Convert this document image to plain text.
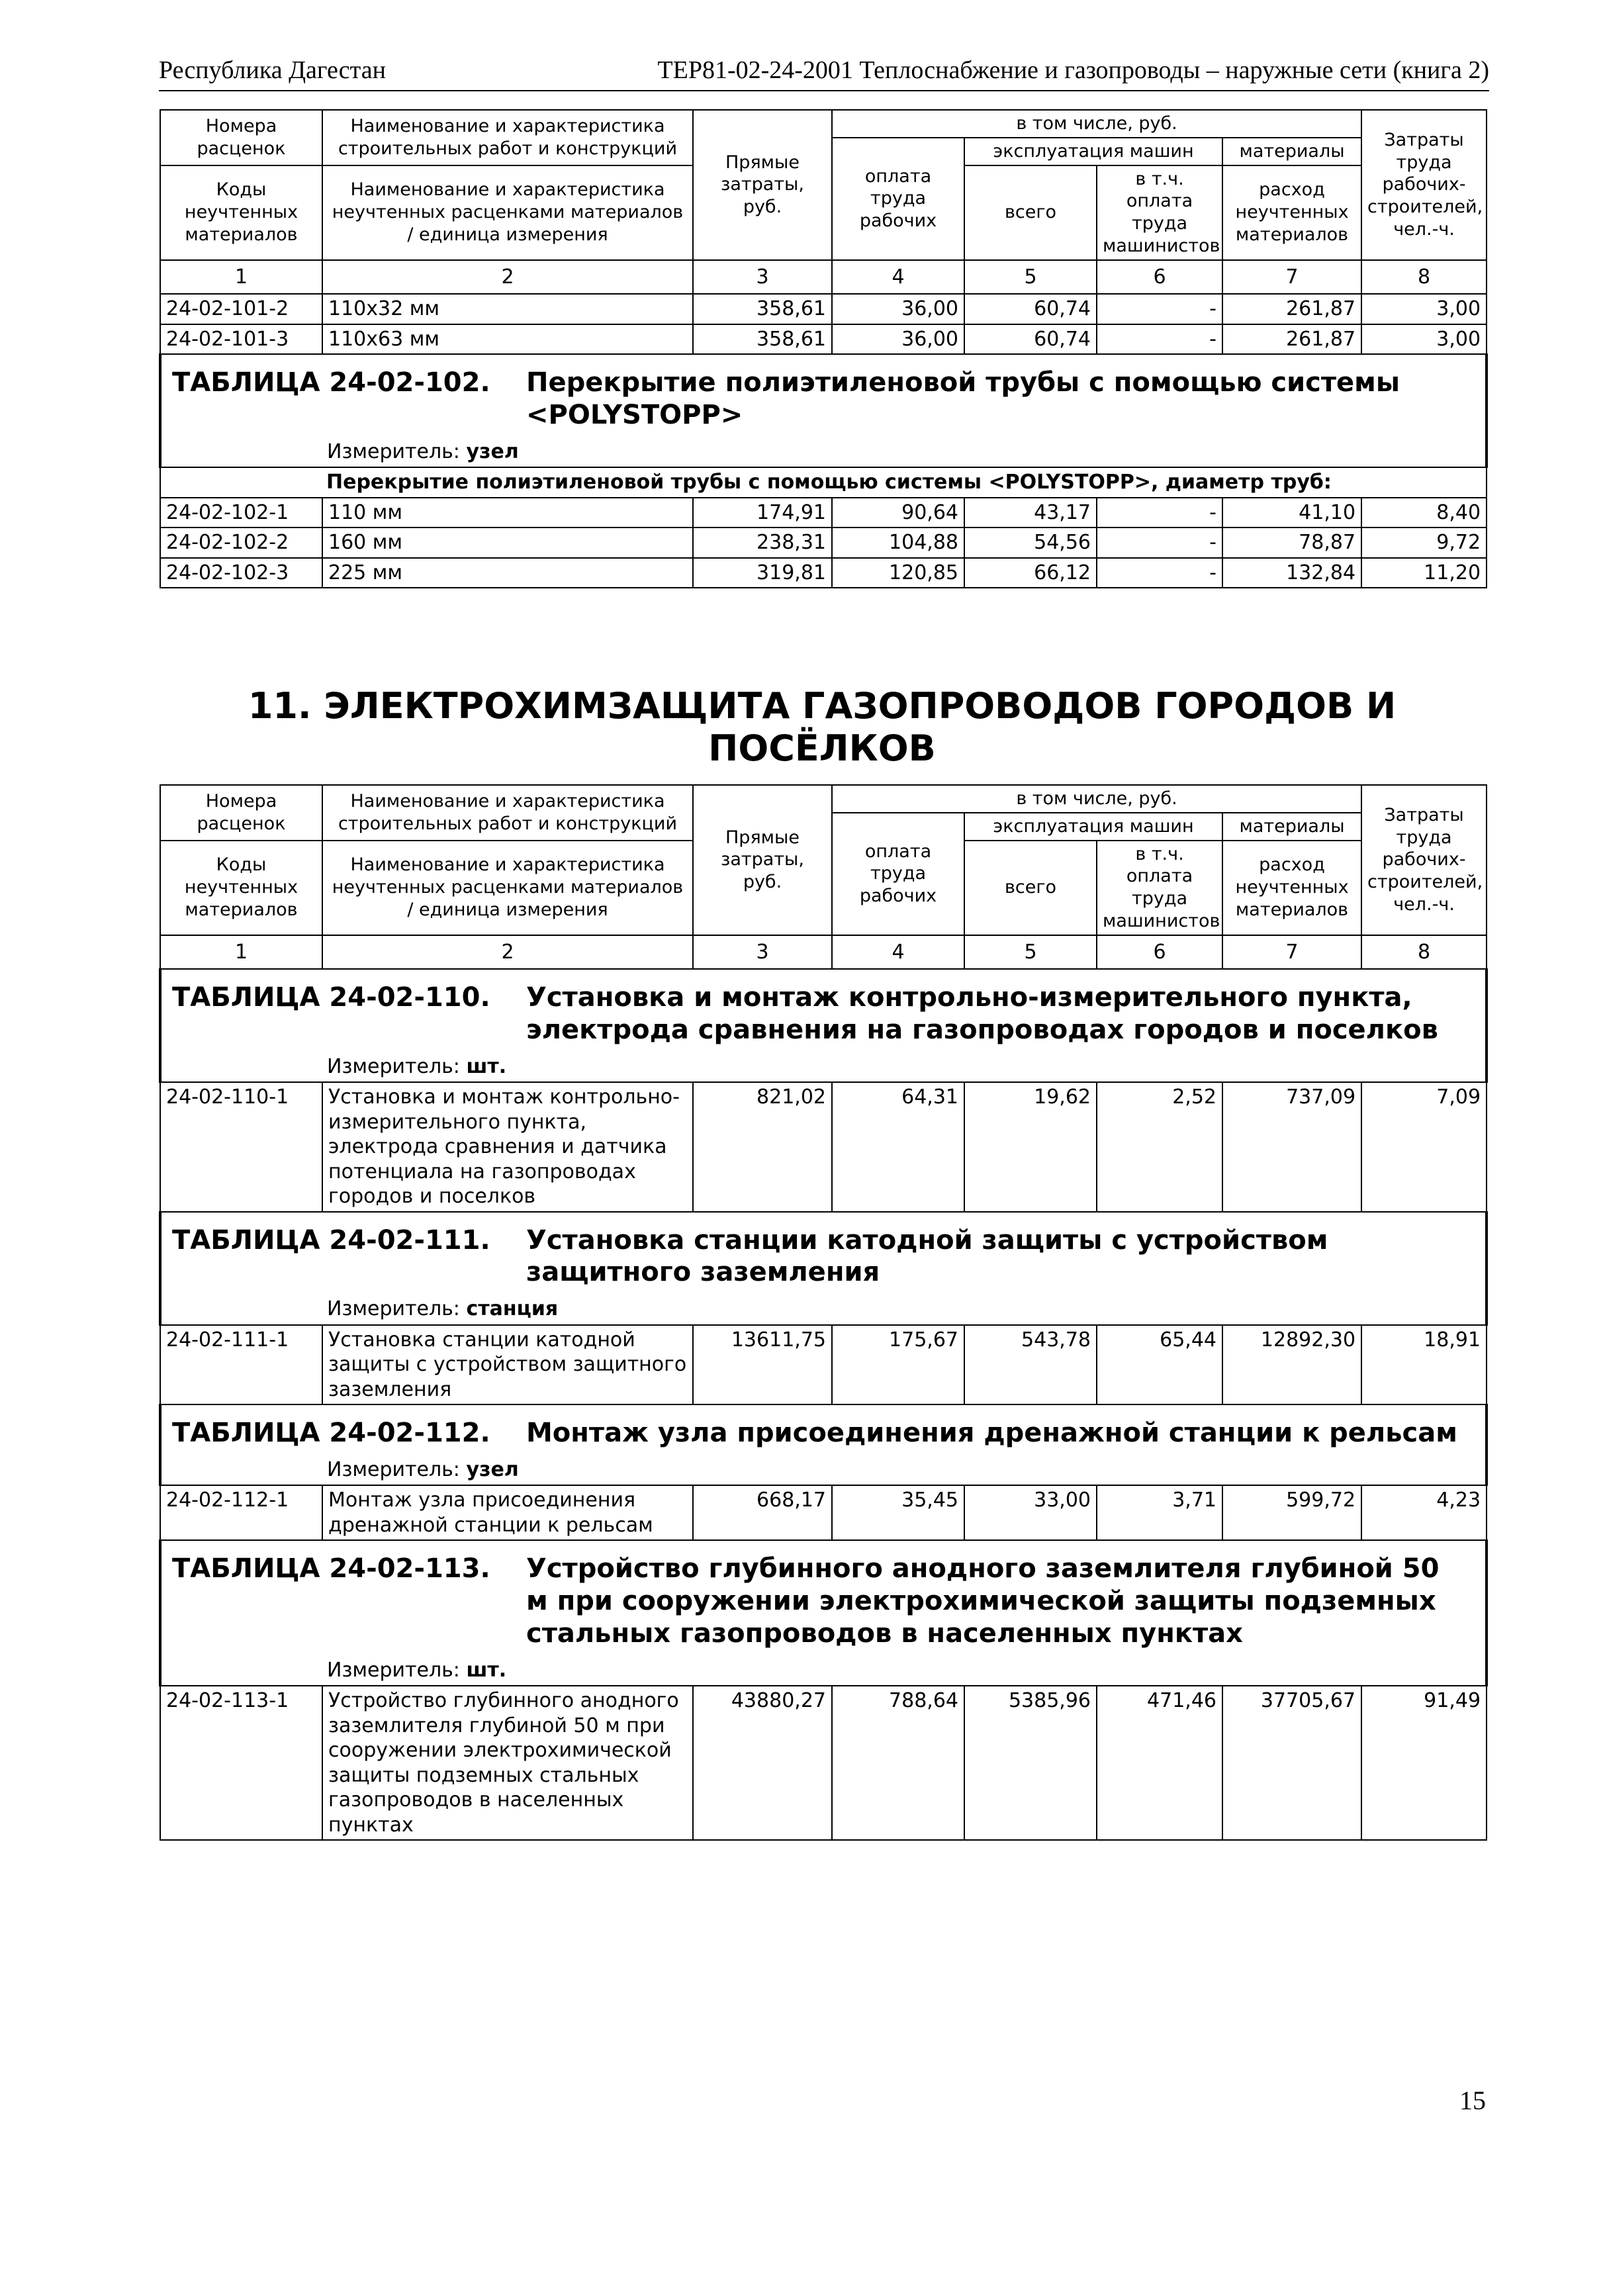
Республика Дагестан	ТЕР81-02-24-2001 Теплоснабжение и газопроводы – наружные сети (книга 2)
Номера расценок	Наименование и характеристика строительных работ и конструкций	Прямые затраты, руб.	в том числе, руб.				Затраты труда рабочих-строителей, чел.-ч.
			оплата труда рабочих	эксплуатация машин		материалы	
Коды неучтенных материалов	Наименование и характеристика неучтенных расценками материалов / единица измерения			всего	в т.ч. оплата труда машинистов	расход неучтенных материалов	

1	2	3	4	5	6	7	8
24-02-101-2	110х32 мм	358,61	36,00	60,74	-	261,87	3,00
24-02-101-3	110х63 мм	358,61	36,00	60,74	-	261,87	3,00

ТАБЛИЦА 24-02-102. Перекрытие полиэтиленовой трубы с помощью системы <POLYSTOPP>
Измеритель: узел							

Перекрытие полиэтиленовой трубы с помощью системы <POLYSTOPP>, диаметр труб:							
24-02-102-1	110 мм	174,91	90,64	43,17	-	41,10	8,40
24-02-102-2	160 мм	238,31	104,88	54,56	-	78,87	9,72
24-02-102-3	225 мм	319,81	120,85	66,12	-	132,84	11,20
11. ЭЛЕКТРОХИМЗАЩИТА ГАЗОПРОВОДОВ ГОРОДОВ И ПОСЁЛКОВ
Номера расценок	Наименование и характеристика строительных работ и конструкций	Прямые затраты, руб.	в том числе, руб.				Затраты труда рабочих-строителей, чел.-ч.
			оплата труда рабочих	эксплуатация машин		материалы	
Коды неучтенных материалов	Наименование и характеристика неучтенных расценками материалов / единица измерения			всего	в т.ч. оплата труда машинистов	расход неучтенных материалов	

1	2	3	4	5	6	7	8

ТАБЛИЦА 24-02-110. Установка и монтаж контрольно-измерительного пункта, электрода сравнения на газопроводах городов и поселков
Измеритель: шт.							

24-02-110-1	Установка и монтаж контрольно-измерительного пункта, электрода сравнения и датчика потенциала на газопроводах городов и поселков	821,02	64,31	19,62	2,52	737,09	7,09

ТАБЛИЦА 24-02-111. Установка станции катодной защиты с устройством защитного заземления
Измеритель: станция							

24-02-111-1	Установка станции катодной защиты с устройством защитного заземления	13611,75	175,67	543,78	65,44	12892,30	18,91

ТАБЛИЦА 24-02-112. Монтаж узла присоединения дренажной станции к рельсам
Измеритель: узел							

24-02-112-1	Монтаж узла присоединения дренажной станции к рельсам	668,17	35,45	33,00	3,71	599,72	4,23

ТАБЛИЦА 24-02-113. Устройство глубинного анодного заземлителя глубиной 50 м при сооружении электрохимической защиты подземных стальных газопроводов в населенных пунктах
Измеритель: шт.							

24-02-113-1	Устройство глубинного анодного заземлителя глубиной 50 м при сооружении электрохимической защиты подземных стальных газопроводов в населенных пунктах	43880,27	788,64	5385,96	471,46	37705,67	91,49
15
